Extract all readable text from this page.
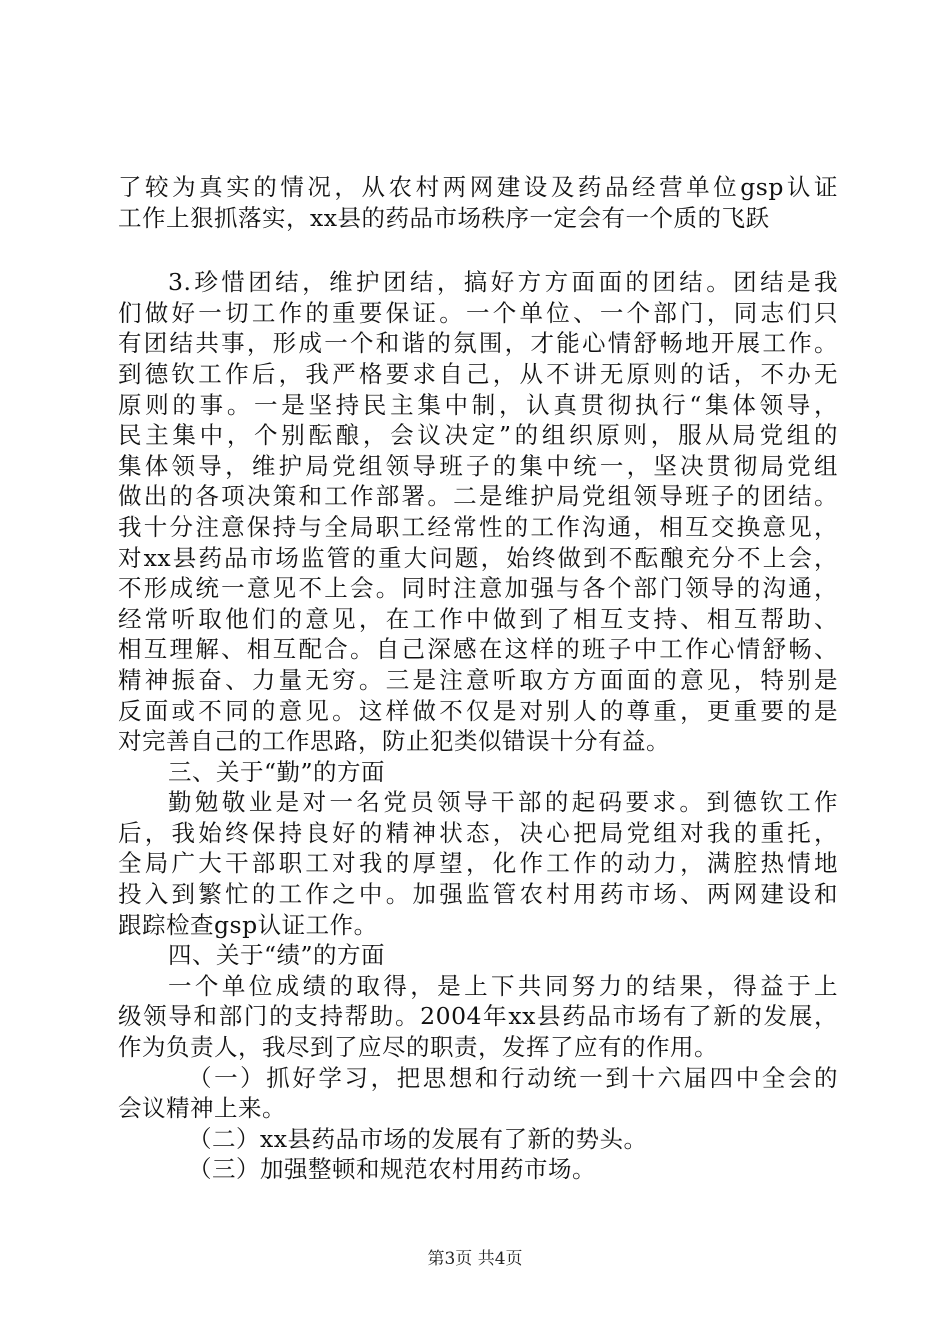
了较为真实的情况，从农村两网建设及药品经营单位gsp认证
工作上狠抓落实，xx县的药品市场秩序一定会有一个质的飞跃
3.珍惜团结，维护团结，搞好方方面面的团结。团结是我
们做好一切工作的重要保证。一个单位、一个部门，同志们只
有团结共事，形成一个和谐的氛围，才能心情舒畅地开展工作。
到德钦工作后，我严格要求自己，从不讲无原则的话，不办无
原则的事。一是坚持民主集中制，认真贯彻执行“集体领导，
民主集中，个别酝酿，会议决定”的组织原则，服从局党组的
集体领导，维护局党组领导班子的集中统一，坚决贯彻局党组
做出的各项决策和工作部署。二是维护局党组领导班子的团结。
我十分注意保持与全局职工经常性的工作沟通，相互交换意见，
对xx县药品市场监管的重大问题，始终做到不酝酿充分不上会，
不形成统一意见不上会。同时注意加强与各个部门领导的沟通，
经常听取他们的意见，在工作中做到了相互支持、相互帮助、
相互理解、相互配合。自己深感在这样的班子中工作心情舒畅、
精神振奋、力量无穷。三是注意听取方方面面的意见，特别是
反面或不同的意见。这样做不仅是对别人的尊重，更重要的是
对完善自己的工作思路，防止犯类似错误十分有益。
三、关于“勤”的方面
勤勉敬业是对一名党员领导干部的起码要求。到德钦工作
后，我始终保持良好的精神状态，决心把局党组对我的重托，
全局广大干部职工对我的厚望，化作工作的动力，满腔热情地
投入到繁忙的工作之中。加强监管农村用药市场、两网建设和
跟踪检查gsp认证工作。
四、关于“绩”的方面
一个单位成绩的取得，是上下共同努力的结果，得益于上
级领导和部门的支持帮助。2004年xx县药品市场有了新的发展，
作为负责人，我尽到了应尽的职责，发挥了应有的作用。
（一）抓好学习，把思想和行动统一到十六届四中全会的
会议精神上来。
（二）xx县药品市场的发展有了新的势头。
（三）加强整顿和规范农村用药市场。
第3页 共4页
